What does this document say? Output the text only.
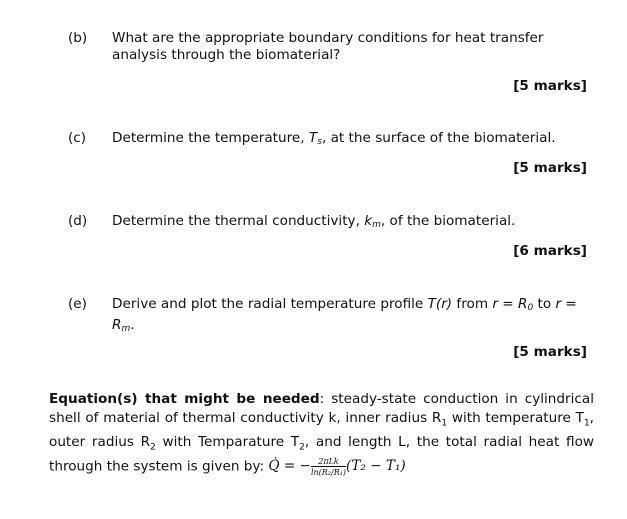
(b) What are the appropriate boundary conditions for heat transfer analysis through the biomaterial?
[5 marks]
(c) Determine the temperature, $T_s$, at the surface of the biomaterial.
[5 marks]
(d) Determine the thermal conductivity, $k_m$, of the biomaterial.
[6 marks]
(e) Derive and plot the radial temperature profile T(r) from $r = R_0$ to r =
$R_m$.
[5 marks]
Equation(s) that might be needed: steady-state conduction in cylindrical shell of material of thermal conductivity k, inner radius $R_1$ with temperature $T_1$, outer radius $R_2$ with Temparature $T_2$, and length L, the total radial heat flow through the system is given by: Q̇ = − $\frac{\text{2πLk}}{\text{ln(R₂/R₁)}} (T_2 - T_1)$
